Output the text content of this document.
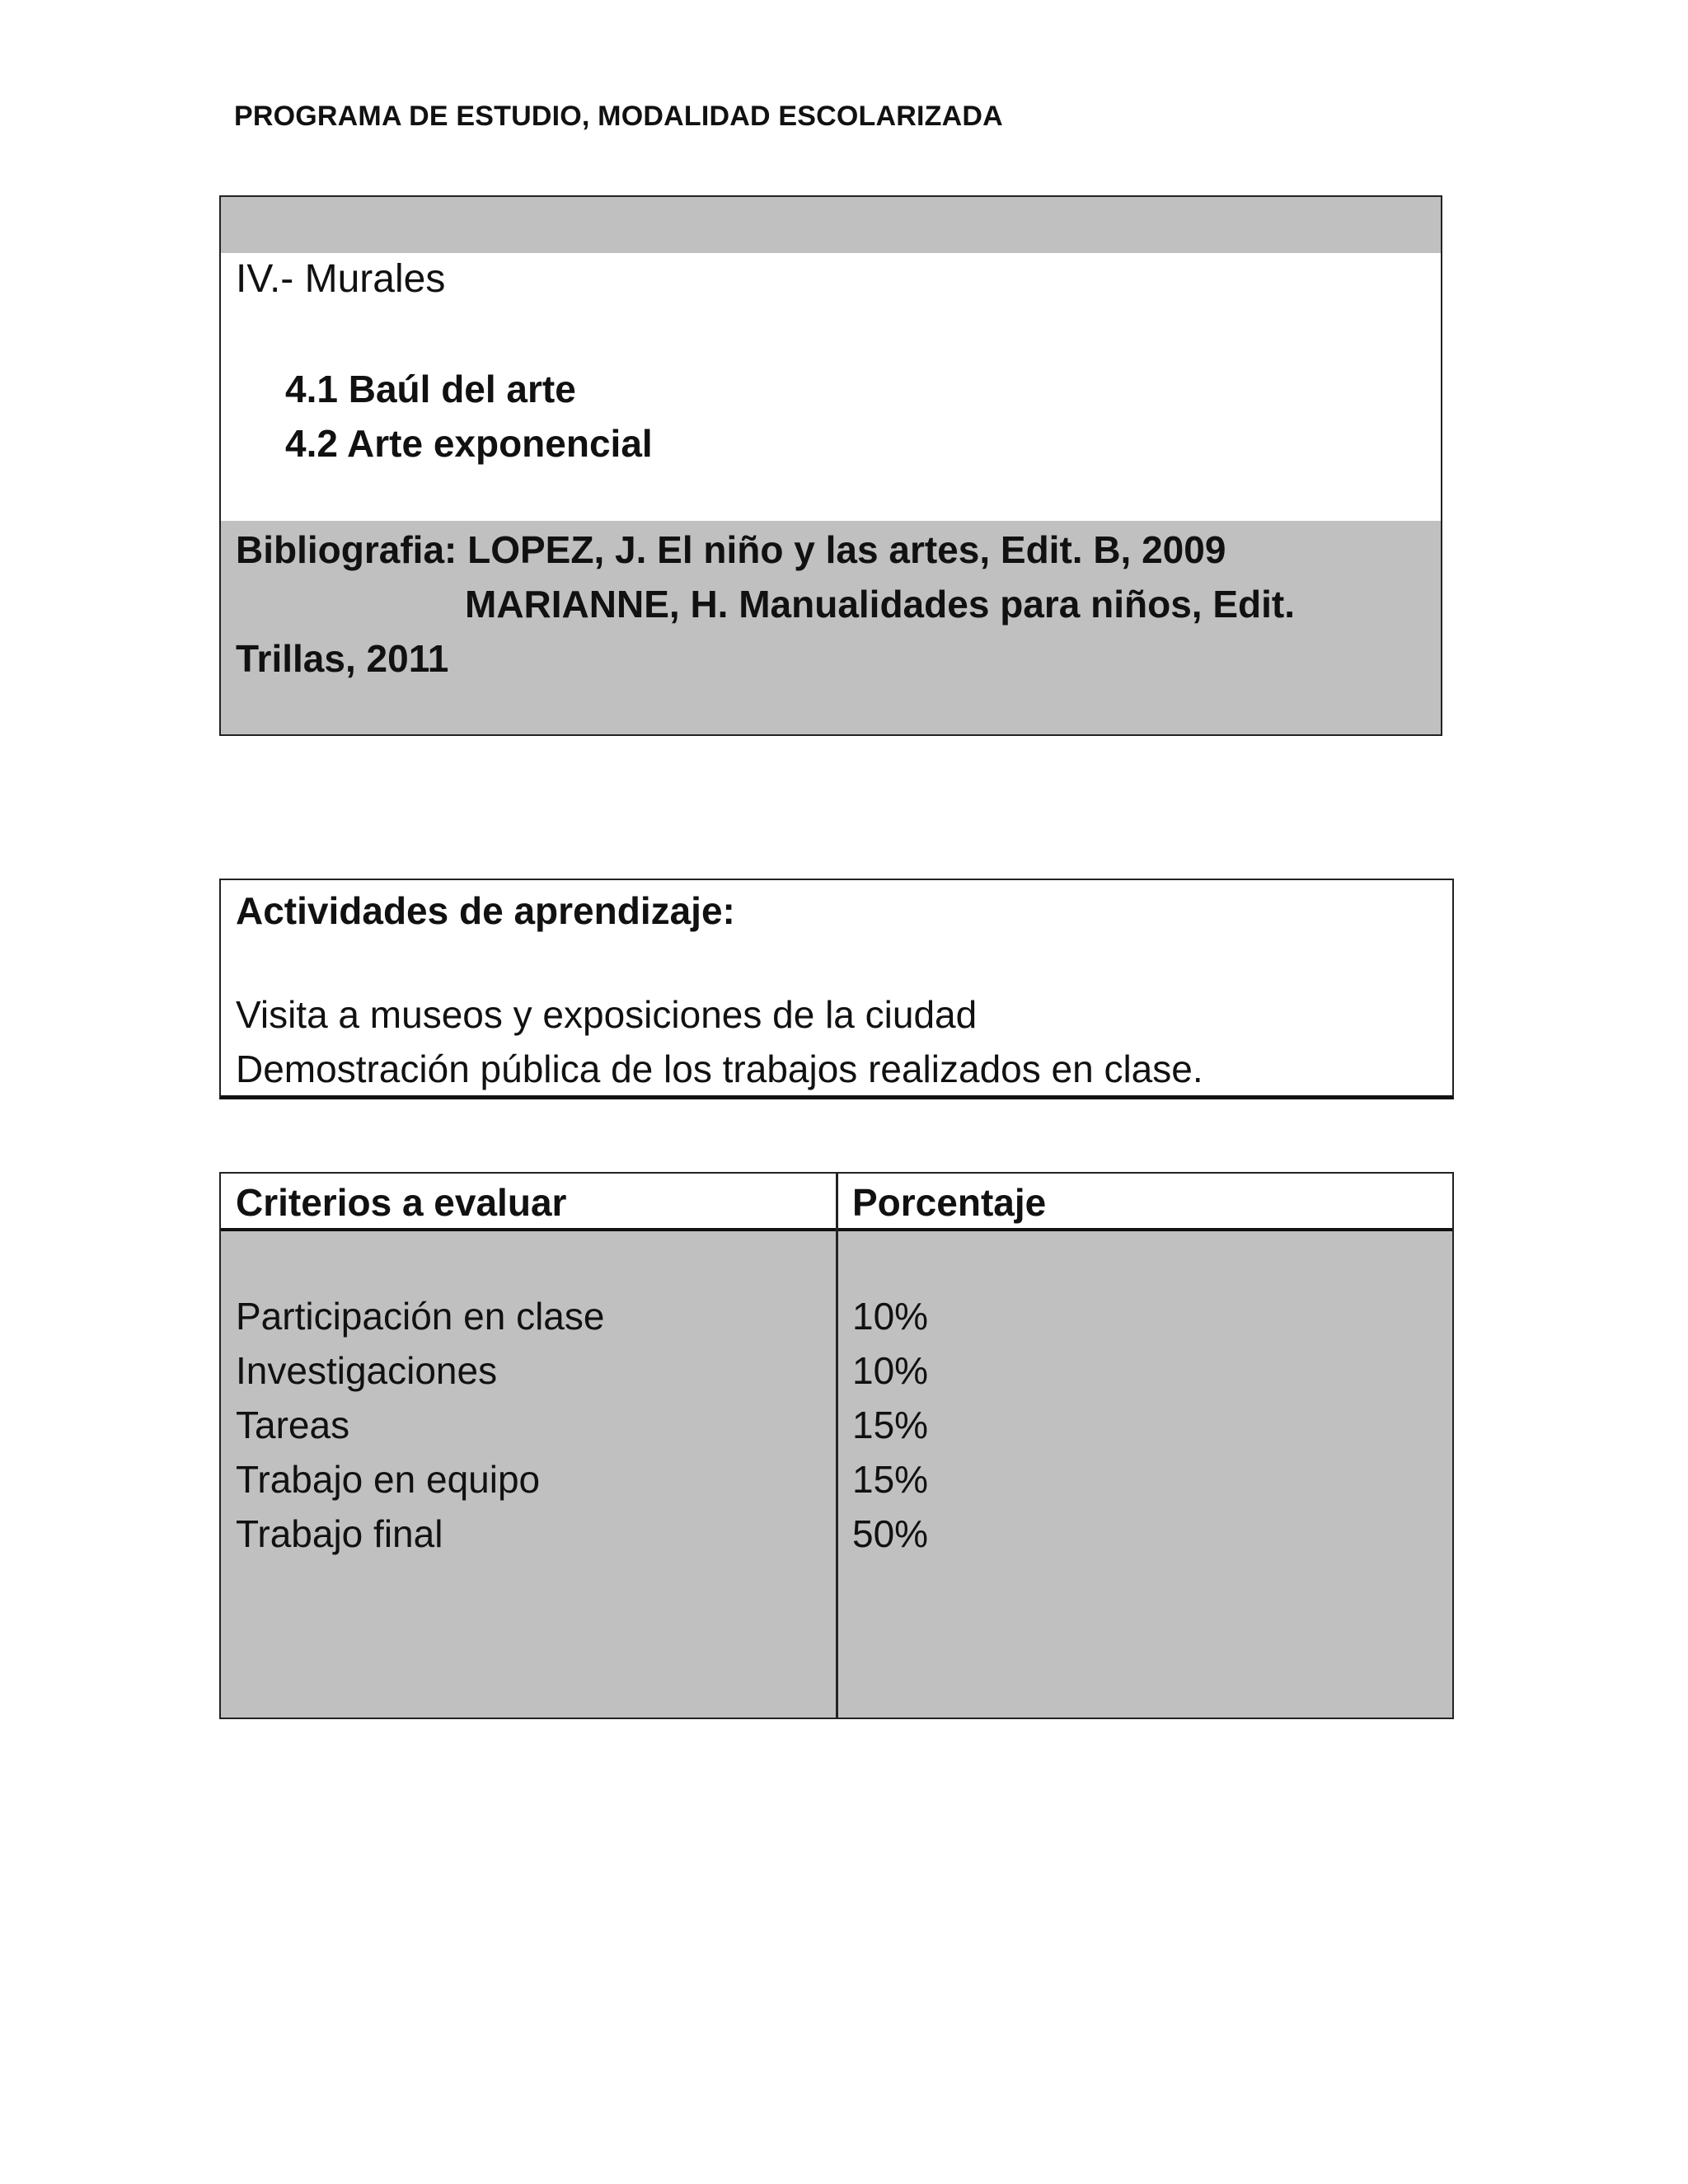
PROGRAMA DE ESTUDIO, MODALIDAD ESCOLARIZADA
IV.- Murales
4.1 Baúl del arte
4.2 Arte exponencial
Bibliografia: LOPEZ, J. El niño y las artes, Edit. B, 2009
MARIANNE, H. Manualidades para niños, Edit.
Trillas, 2011
Actividades de aprendizaje:
Visita a museos y exposiciones de la ciudad
Demostración pública de los trabajos realizados en clase.
Criterios a evaluar	Porcentaje
Participación en clase
Investigaciones
Tareas
Trabajo en equipo
Trabajo final
10%
10%
15%
15%
50%
